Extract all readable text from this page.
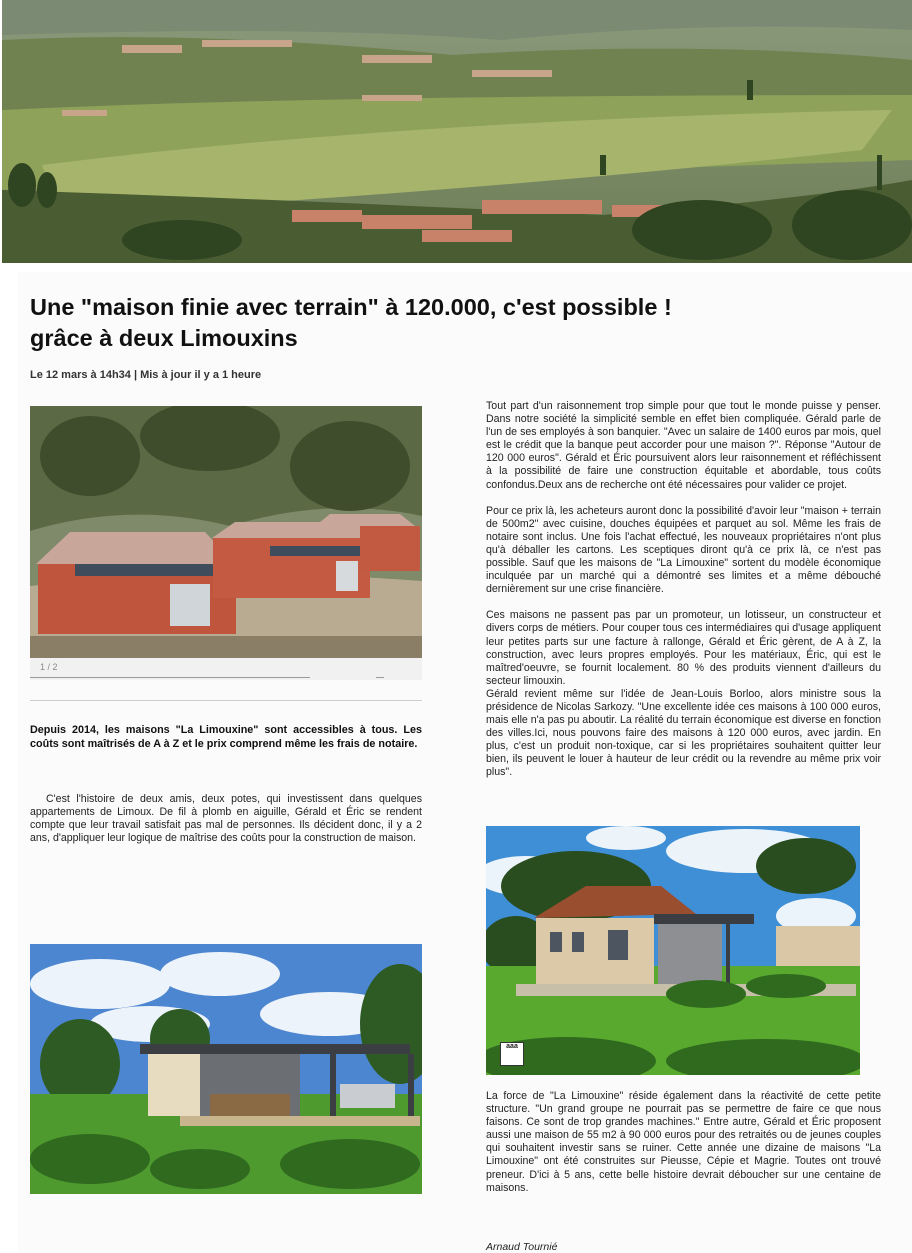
Une "maison finie avec terrain" à 120.000, c'est possible !
grâce à deux Limouxins
Le 12 mars à 14h34 | Mis à jour il y a 1 heure
1 / 2
Depuis 2014, les maisons "La Limouxine" sont accessibles à tous. Les coûts sont maîtrisés de A à Z et le prix comprend même les frais de notaire.

C'est l'histoire de deux amis, deux potes, qui investissent dans quelques appartements de Limoux. De fil à plomb en aiguille, Gérald et Éric se rendent compte que leur travail satisfait pas mal de personnes. Ils décident donc, il y a 2 ans, d'appliquer leur logique de maîtrise des coûts pour la construction de maison.

Tout part d'un raisonnement trop simple pour que tout le monde puisse y penser. Dans notre société la simplicité semble en effet bien compliquée. Gérald parle de l'un de ses employés à son banquier. "Avec un salaire de 1400 euros par mois, quel est le crédit que la banque peut accorder pour une maison ?". Réponse "Autour de 120 000 euros". Gérald et Éric poursuivent alors leur raisonnement et réfléchissent à la possibilité de faire une construction équitable et abordable, tous coûts confondus.Deux ans de recherche ont été nécessaires pour valider ce projet.

Pour ce prix là, les acheteurs auront donc la possibilité d'avoir leur "maison + terrain de 500m2" avec cuisine, douches équipées et parquet au sol. Même les frais de notaire sont inclus. Une fois l'achat effectué, les nouveaux propriétaires n'ont plus qu'à déballer les cartons. Les sceptiques diront qu'à ce prix là, ce n'est pas possible. Sauf que les maisons de "La Limouxine" sortent du modèle économique inculquée par un marché qui a démontré ses limites et a même débouché dernièrement sur une crise financière.

Ces maisons ne passent pas par un promoteur, un lotisseur, un constructeur et divers corps de métiers. Pour couper tous ces intermédiaires qui d'usage appliquent leur petites parts sur une facture à rallonge, Gérald et Éric gèrent, de A à Z, la construction, avec leurs propres employés. Pour les matériaux, Éric, qui est le maîtred'oeuvre, se fournit localement. 80 % des produits viennent d'ailleurs du secteur limouxin.

Gérald revient même sur l'idée de Jean-Louis Borloo, alors ministre sous la présidence de Nicolas Sarkozy. "Une excellente idée ces maisons à 100 000 euros, mais elle n'a pas pu aboutir. La réalité du terrain économique est diverse en fonction des villes.Ici, nous pouvons faire des maisons à 120 000 euros, avec jardin. En plus, c'est un produit non-toxique, car si les propriétaires souhaitent quitter leur bien, ils peuvent le louer à hauteur de leur crédit ou la revendre au même prix voir plus".

aaa

La force de "La Limouxine" réside également dans la réactivité de cette petite structure. "Un grand groupe ne pourrait pas se permettre de faire ce que nous faisons. Ce sont de trop grandes machines." Entre autre, Gérald et Éric proposent aussi une maison de 55 m2 à 90 000 euros pour des retraités ou de jeunes couples qui souhaitent investir sans se ruiner. Cette année une dizaine de maisons "La Limouxine" ont été construites sur Pieusse, Cépie et Magrie. Toutes ont trouvé preneur. D'ici à 5 ans, cette belle histoire devrait déboucher sur une centaine de maisons.

Arnaud Tournié
